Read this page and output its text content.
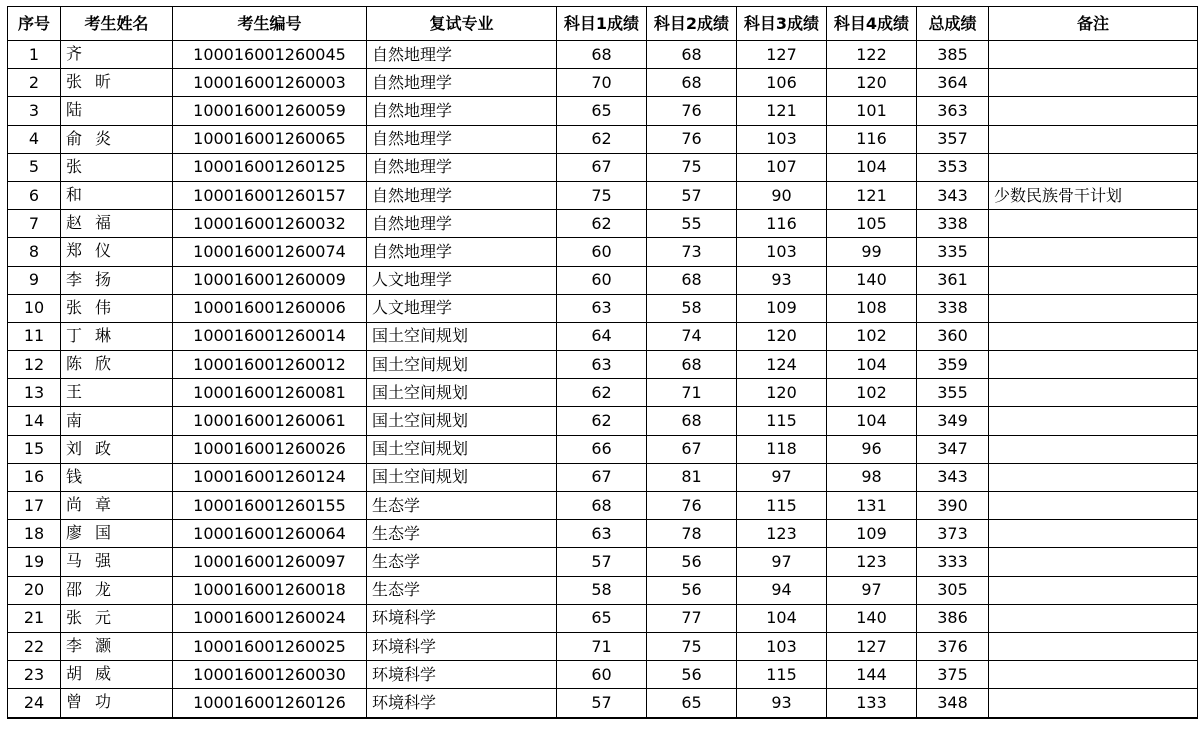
序号	考生姓名	考生编号	复试专业	科目1成绩	科目2成绩	科目3成绩	科目4成绩	总成绩	备注
1	齐	100016001260045	自然地理学	68	68	127	122	385	
2	张 昕	100016001260003	自然地理学	70	68	106	120	364	
3	陆	100016001260059	自然地理学	65	76	121	101	363	
4	俞 炎	100016001260065	自然地理学	62	76	103	116	357	
5	张	100016001260125	自然地理学	67	75	107	104	353	
6	和	100016001260157	自然地理学	75	57	90	121	343	少数民族骨干计划
7	赵 福	100016001260032	自然地理学	62	55	116	105	338	
8	郑 仪	100016001260074	自然地理学	60	73	103	99	335	
9	李 扬	100016001260009	人文地理学	60	68	93	140	361	
10	张 伟	100016001260006	人文地理学	63	58	109	108	338	
11	丁 琳	100016001260014	国土空间规划	64	74	120	102	360	
12	陈 欣	100016001260012	国土空间规划	63	68	124	104	359	
13	王	100016001260081	国土空间规划	62	71	120	102	355	
14	南	100016001260061	国土空间规划	62	68	115	104	349	
15	刘 政	100016001260026	国土空间规划	66	67	118	96	347	
16	钱	100016001260124	国土空间规划	67	81	97	98	343	
17	尚 章	100016001260155	生态学	68	76	115	131	390	
18	廖 国	100016001260064	生态学	63	78	123	109	373	
19	马 强	100016001260097	生态学	57	56	97	123	333	
20	邵 龙	100016001260018	生态学	58	56	94	97	305	
21	张 元	100016001260024	环境科学	65	77	104	140	386	
22	李 灏	100016001260025	环境科学	71	75	103	127	376	
23	胡 威	100016001260030	环境科学	60	56	115	144	375	
24	曾 功	100016001260126	环境科学	57	65	93	133	348	
